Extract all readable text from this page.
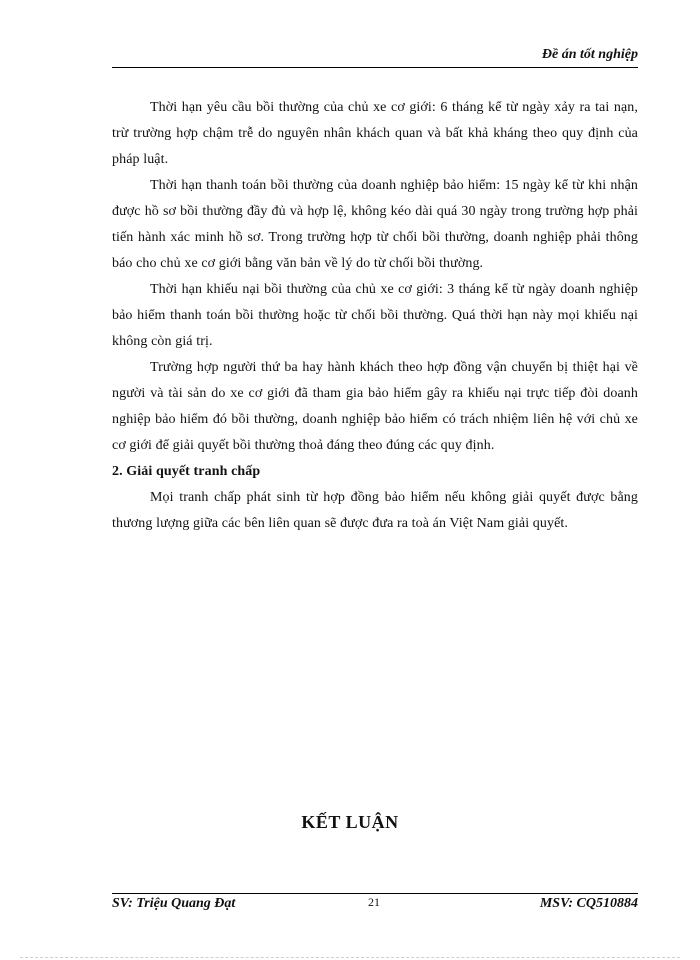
Đề án tốt nghiệp

Thời hạn yêu cầu bồi thường của chủ xe cơ giới: 6 tháng kể từ ngày xảy ra tai nạn, trừ trường hợp chậm trễ do nguyên nhân khách quan và bất khả kháng theo quy định của pháp luật.

Thời hạn thanh toán bồi thường của doanh nghiệp bảo hiểm: 15 ngày kể từ khi nhận được hồ sơ bồi thường đầy đủ và hợp lệ, không kéo dài quá 30 ngày trong trường hợp phải tiến hành xác minh hồ sơ. Trong trường hợp từ chối bồi thường, doanh nghiệp phải thông báo cho chủ xe cơ giới bằng văn bản về lý do từ chối bồi thường.

Thời hạn khiếu nại bồi thường của chủ xe cơ giới: 3 tháng kể từ ngày doanh nghiệp bảo hiểm thanh toán bồi thường hoặc từ chối bồi thường. Quá thời hạn này mọi khiếu nại không còn giá trị.

Trường hợp người thứ ba hay hành khách theo hợp đồng vận chuyển bị thiệt hại về người và tài sản do xe cơ giới đã tham gia bảo hiểm gây ra khiếu nại trực tiếp đòi doanh nghiệp bảo hiểm đó bồi thường, doanh nghiệp bảo hiểm có trách nhiệm liên hệ với chủ xe cơ giới để giải quyết bồi thường thoả đáng theo đúng các quy định.

2. Giải quyết tranh chấp

Mọi tranh chấp phát sinh từ hợp đồng bảo hiểm nếu không giải quyết được bằng thương lượng giữa các bên liên quan sẽ được đưa ra toà án Việt Nam giải quyết.

KẾT LUẬN
SV: Triệu Quang Đạt	21	MSV: CQ510884
